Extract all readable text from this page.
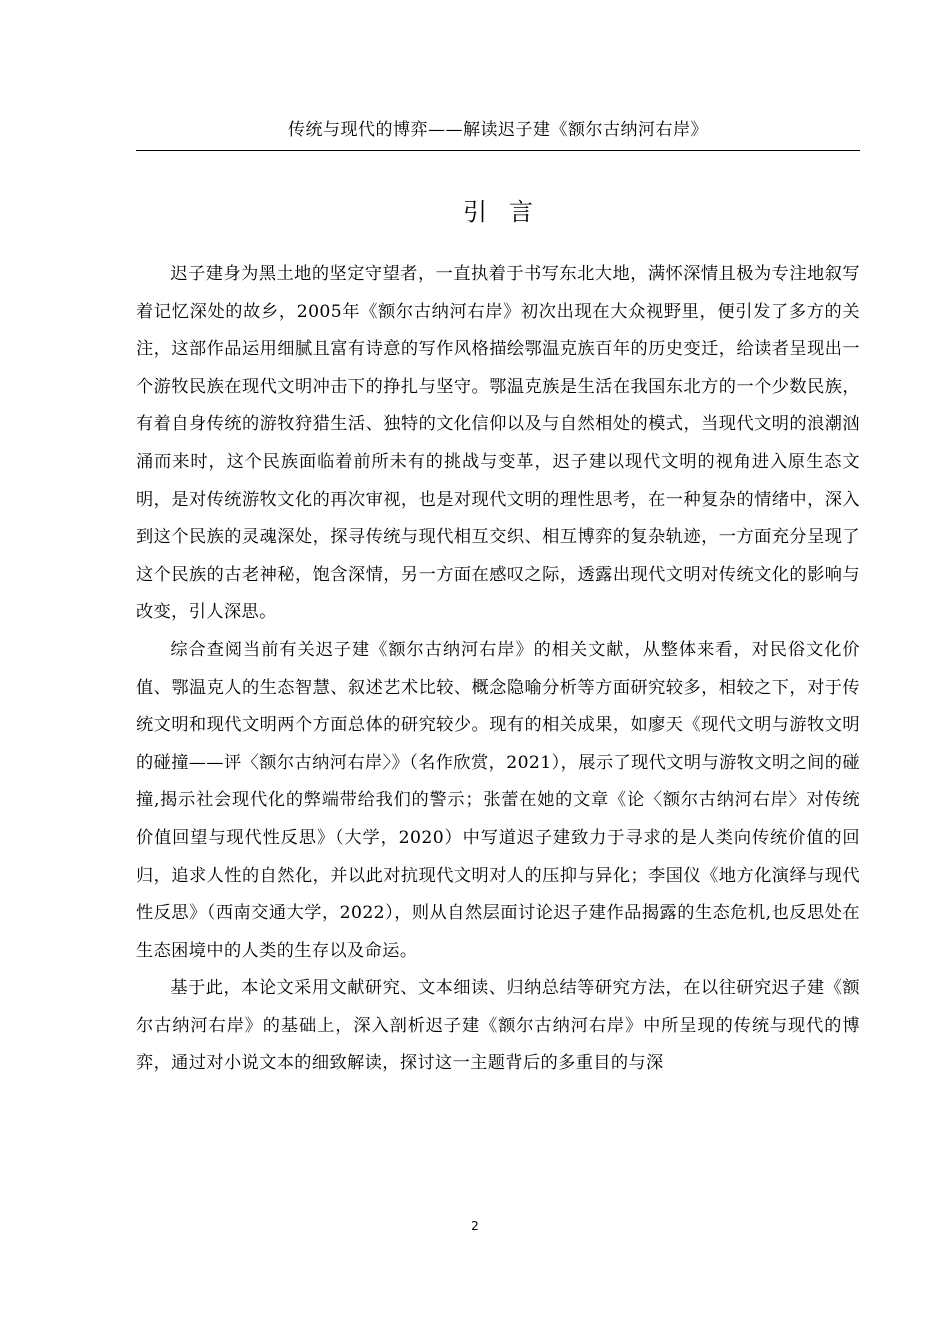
传统与现代的博弈——解读迟子建《额尔古纳河右岸》
引言

迟子建身为黑土地的坚定守望者，一直执着于书写东北大地，满怀深情且极为专注地叙写着记忆深处的故乡，2005年《额尔古纳河右岸》初次出现在大众视野里，便引发了多方的关注，这部作品运用细腻且富有诗意的写作风格描绘鄂温克族百年的历史变迁，给读者呈现出一个游牧民族在现代文明冲击下的挣扎与坚守。鄂温克族是生活在我国东北方的一个少数民族，有着自身传统的游牧狩猎生活、独特的文化信仰以及与自然相处的模式，当现代文明的浪潮汹涌而来时，这个民族面临着前所未有的挑战与变革，迟子建以现代文明的视角进入原生态文明，是对传统游牧文化的再次审视，也是对现代文明的理性思考，在一种复杂的情绪中，深入到这个民族的灵魂深处，探寻传统与现代相互交织、相互博弈的复杂轨迹，一方面充分呈现了这个民族的古老神秘，饱含深情，另一方面在感叹之际，透露出现代文明对传统文化的影响与改变，引人深思。

综合查阅当前有关迟子建《额尔古纳河右岸》的相关文献，从整体来看，对民俗文化价值、鄂温克人的生态智慧、叙述艺术比较、概念隐喻分析等方面研究较多，相较之下，对于传统文明和现代文明两个方面总体的研究较少。现有的相关成果，如廖天《现代文明与游牧文明的碰撞——评〈额尔古纳河右岸〉》（名作欣赏，2021），展示了现代文明与游牧文明之间的碰撞,揭示社会现代化的弊端带给我们的警示；张蕾在她的文章《论〈额尔古纳河右岸〉对传统价值回望与现代性反思》（大学，2020）中写道迟子建致力于寻求的是人类向传统价值的回归，追求人性的自然化，并以此对抗现代文明对人的压抑与异化；李国仪《地方化演绎与现代性反思》（西南交通大学，2022），则从自然层面讨论迟子建作品揭露的生态危机,也反思处在生态困境中的人类的生存以及命运。

基于此，本论文采用文献研究、文本细读、归纳总结等研究方法，在以往研究迟子建《额尔古纳河右岸》的基础上，深入剖析迟子建《额尔古纳河右岸》中所呈现的传统与现代的博弈，通过对小说文本的细致解读，探讨这一主题背后的多重目的与深

2
